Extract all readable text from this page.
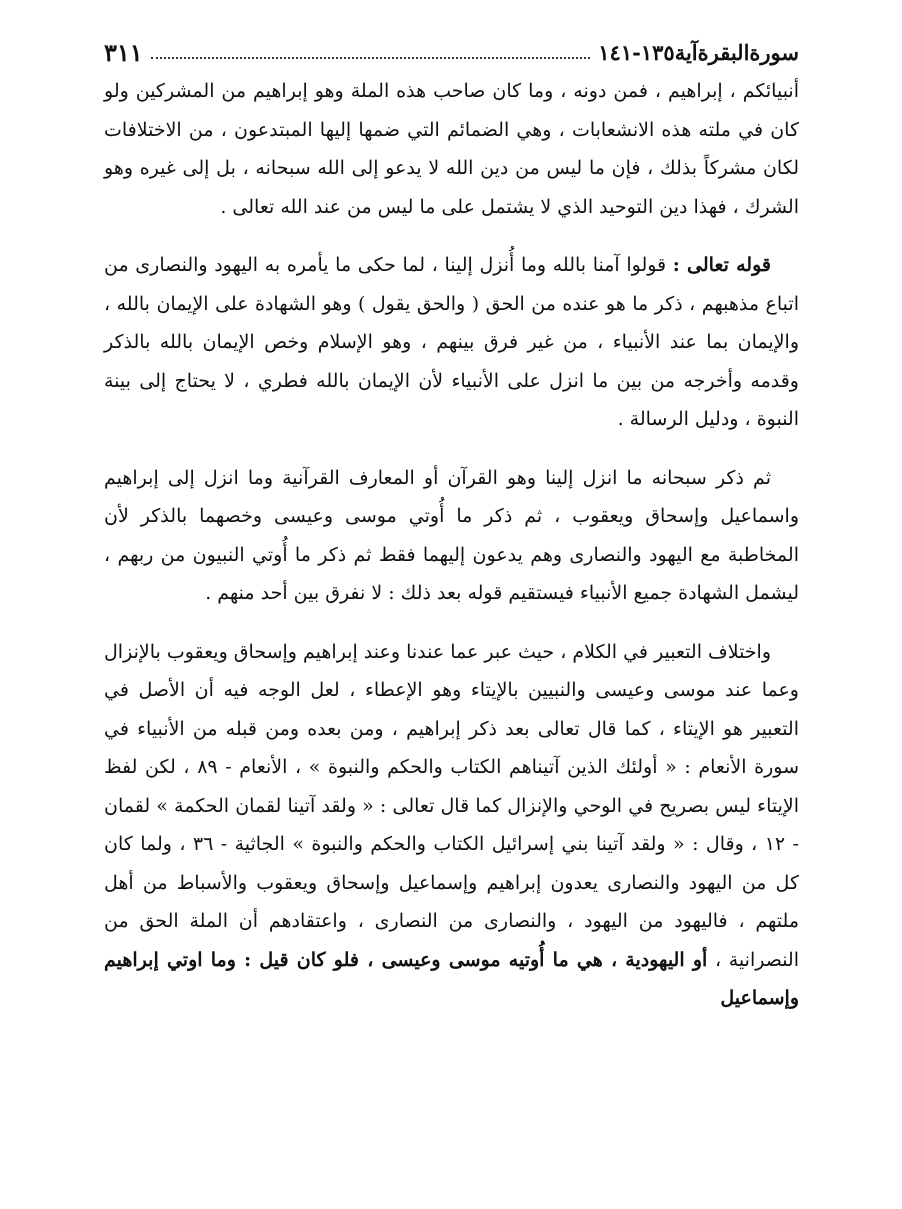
سورةالبقرةآية١٣٥-١٤١
٣١١

أنبيائكم ، إبراهيم ، فمن دونه ، وما كان صاحب هذه الملة وهو إبراهيم من المشركين ولو كان في ملته هذه الانشعابات ، وهي الضمائم التي ضمها إليها المبتدعون ، من الاختلافات لكان مشركاً بذلك ، فإن ما ليس من دين الله لا يدعو إلى الله سبحانه ، بل إلى غيره وهو الشرك ، فهذا دين التوحيد الذي لا يشتمل على ما ليس من عند الله تعالى .

قوله تعالى : قولوا آمنا بالله وما أُنزل إلينا ، لما حكى ما يأمره به اليهود والنصارى من اتباع مذهبهم ، ذكر ما هو عنده من الحق ( والحق يقول ) وهو الشهادة على الإيمان بالله ، والإيمان بما عند الأنبياء ، من غير فرق بينهم ، وهو الإسلام وخص الإيمان بالله بالذكر وقدمه وأخرجه من بين ما انزل على الأنبياء لأن الإيمان بالله فطري ، لا يحتاج إلى بينة النبوة ، ودليل الرسالة .

ثم ذكر سبحانه ما انزل إلينا وهو القرآن أو المعارف القرآنية وما انزل إلى إبراهيم واسماعيل وإسحاق ويعقوب ، ثم ذكر ما أُوتي موسى وعيسى وخصهما بالذكر لأن المخاطبة مع اليهود والنصارى وهم يدعون إليهما فقط ثم ذكر ما أُوتي النبيون من ربهم ، ليشمل الشهادة جميع الأنبياء فيستقيم قوله بعد ذلك : لا نفرق بين أحد منهم .

واختلاف التعبير في الكلام ، حيث عبر عما عندنا وعند إبراهيم وإسحاق ويعقوب بالإنزال وعما عند موسى وعيسى والنبيين بالإيتاء وهو الإعطاء ، لعل الوجه فيه أن الأصل في التعبير هو الإيتاء ، كما قال تعالى بعد ذكر إبراهيم ، ومن بعده ومن قبله من الأنبياء في سورة الأنعام : « أولئك الذين آتيناهم الكتاب والحكم والنبوة » ، الأنعام - ٨٩ ، لكن لفظ الإيتاء ليس بصريح في الوحي والإنزال كما قال تعالى : « ولقد آتينا لقمان الحكمة » لقمان - ١٢ ، وقال : « ولقد آتينا بني إسرائيل الكتاب والحكم والنبوة » الجاثية - ٣٦ ، ولما كان كل من اليهود والنصارى يعدون إبراهيم وإسماعيل وإسحاق ويعقوب والأسباط من أهل ملتهم ، فاليهود من اليهود ، والنصارى من النصارى ، واعتقادهم أن الملة الحق من النصرانية ، أو اليهودية ، هي ما أُوتيه موسى وعيسى ، فلو كان قيل : وما اوتي إبراهيم وإسماعيل
